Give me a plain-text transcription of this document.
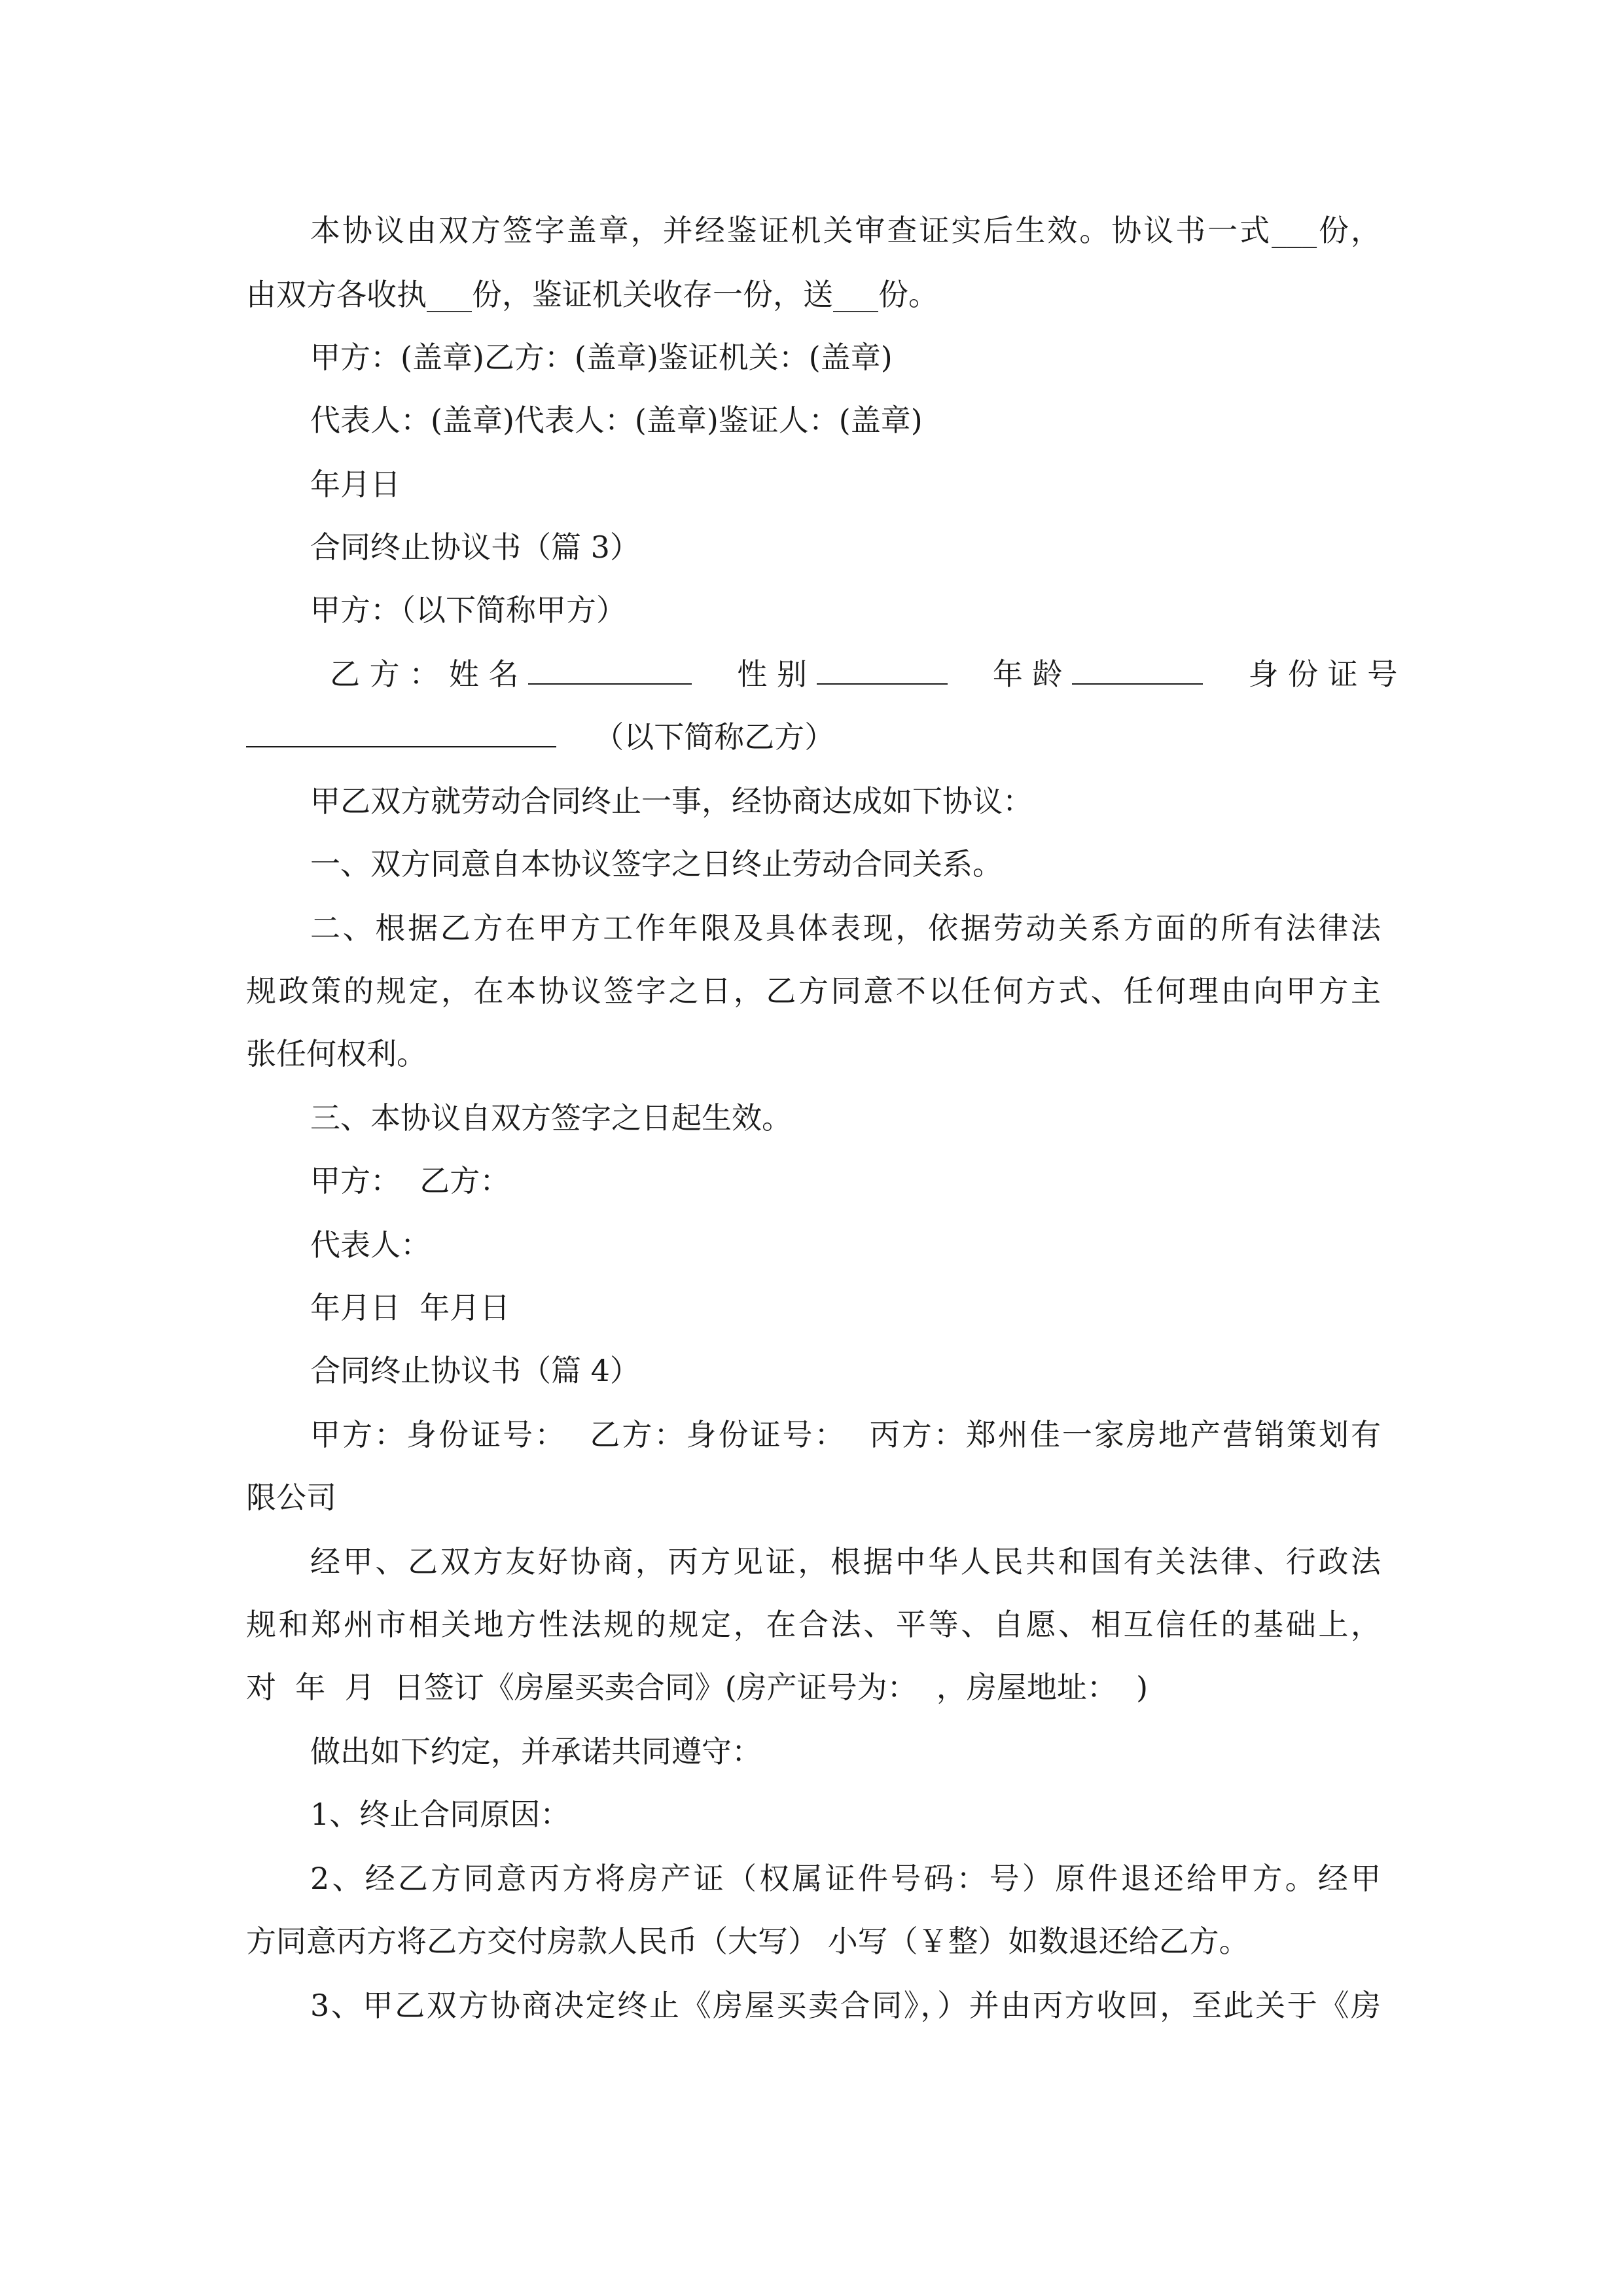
本协议由双方签字盖章，并经鉴证机关审查证实后生效。协议书一式___份，
由双方各收执___份，鉴证机关收存一份，送___份。
甲方：(盖章)乙方：(盖章)鉴证机关：(盖章)
代表人：(盖章)代表人：(盖章)鉴证人：(盖章)
年月日
合同终止协议书（篇 3）
甲方：（以下简称甲方）
乙 方 ： 姓 名	性 别	年 龄	身 份 证 号
（以下简称乙方）
甲乙双方就劳动合同终止一事，经协商达成如下协议：
一、双方同意自本协议签字之日终止劳动合同关系。
二、根据乙方在甲方工作年限及具体表现，依据劳动关系方面的所有法律法
规政策的规定，在本协议签字之日，乙方同意不以任何方式、任何理由向甲方主
张任何权利。
三、本协议自双方签字之日起生效。
甲方：  乙方：
代表人：
年月日  年月日
合同终止协议书（篇 4）
甲方：身份证号：  乙方：身份证号：  丙方：郑州佳一家房地产营销策划有
限公司
经甲、乙双方友好协商，丙方见证，根据中华人民共和国有关法律、行政法
规和郑州市相关地方性法规的规定，在合法、平等、自愿、相互信任的基础上，
对  年  月  日签订《房屋买卖合同》(房产证号为：  ，房屋地址：  )
做出如下约定，并承诺共同遵守：
1、终止合同原因：
2、经乙方同意丙方将房产证（权属证件号码：号）原件退还给甲方。经甲
方同意丙方将乙方交付房款人民币（大写） 小写（￥整）如数退还给乙方。
3、甲乙双方协商决定终止《房屋买卖合同》，）并由丙方收回，至此关于《房
